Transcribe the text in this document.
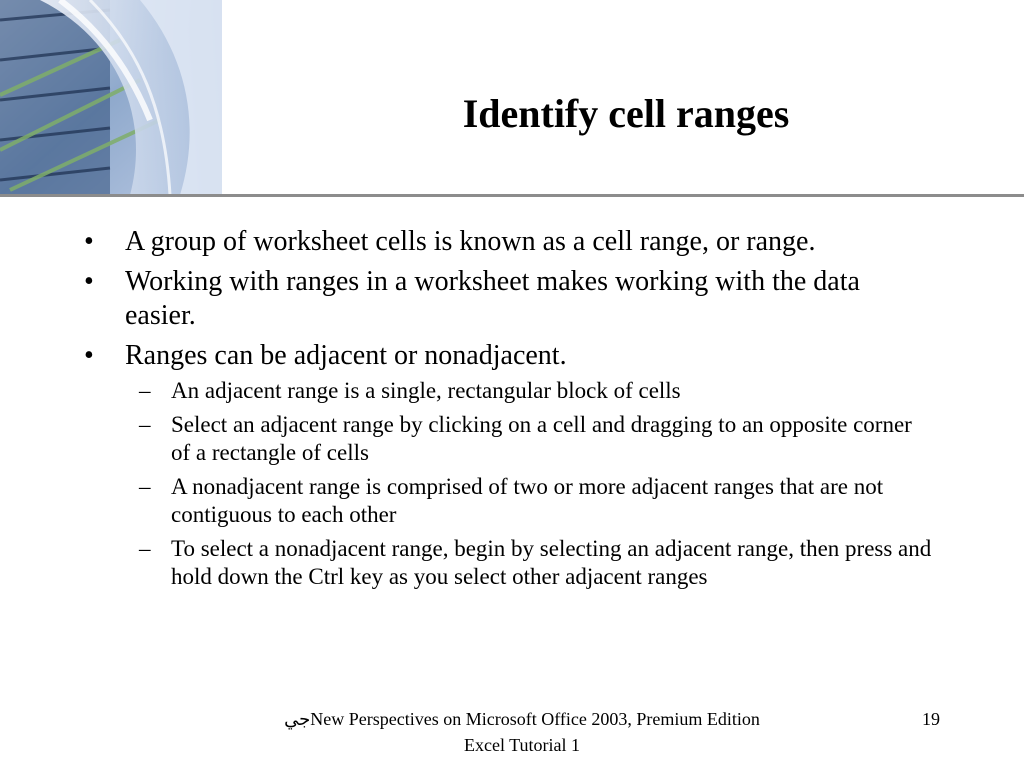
Identify cell ranges
• A group of worksheet cells is known as a cell range, or range.
• Working with ranges in a worksheet makes working with the data easier.
• Ranges can be adjacent or nonadjacent.
– An adjacent range is a single, rectangular block of cells
– Select an adjacent range by clicking on a cell and dragging to an opposite corner of a rectangle of cells
– A nonadjacent range is comprised of two or more adjacent ranges that are not contiguous to each other
– To select a nonadjacent range, begin by selecting an adjacent range, then press and hold down the Ctrl key as you select other adjacent ranges
جيNew Perspectives on Microsoft Office 2003, Premium Edition Excel Tutorial 1
19
